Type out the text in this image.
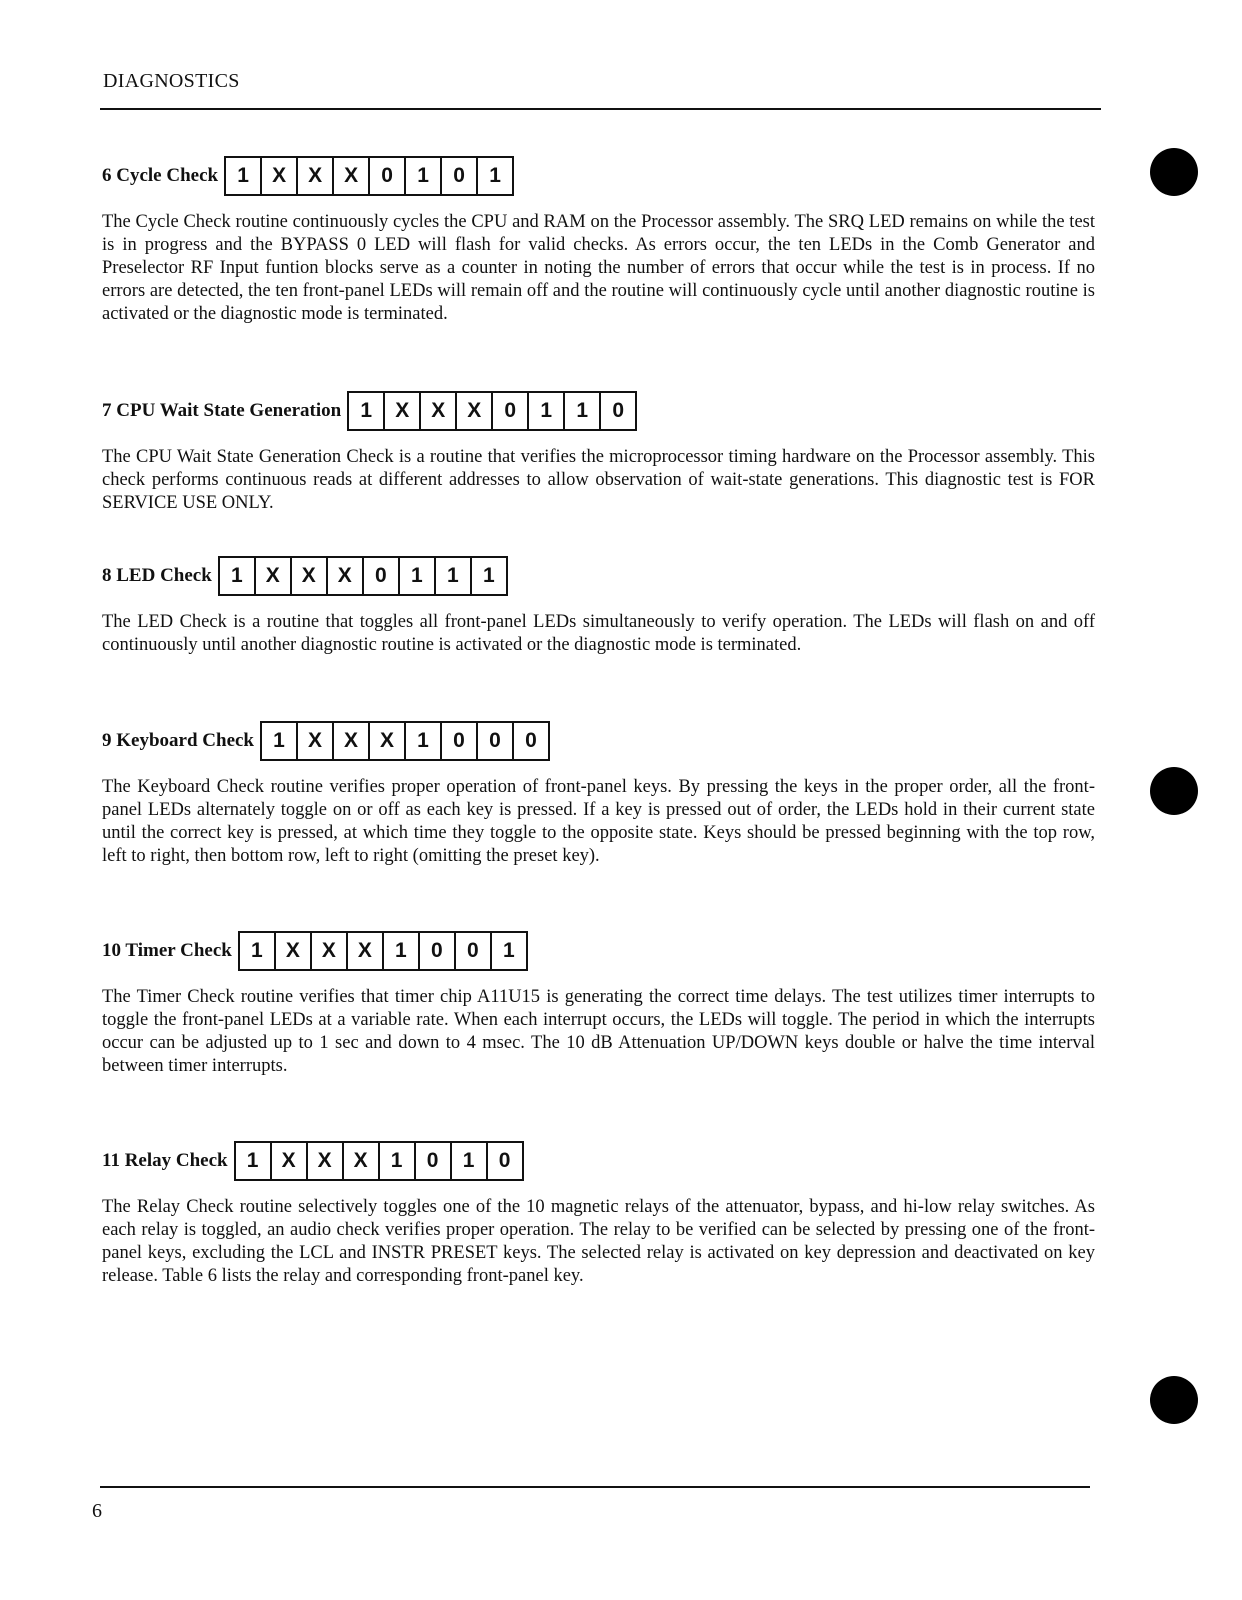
DIAGNOSTICS
6 Cycle Check 1	X	X	X	0	1	0	1

The Cycle Check routine continuously cycles the CPU and RAM on the Processor assembly. The SRQ LED remains on while the test is in progress and the BYPASS 0 LED will flash for valid checks. As errors occur, the ten LEDs in the Comb Generator and Preselector RF Input funtion blocks serve as a counter in noting the number of errors that occur while the test is in process. If no errors are detected, the ten front-panel LEDs will remain off and the routine will continuously cycle until another diagnostic routine is activated or the diagnostic mode is terminated.

7 CPU Wait State Generation 1	X	X	X	0	1	1	0

The CPU Wait State Generation Check is a routine that verifies the microprocessor timing hardware on the Processor assembly. This check performs continuous reads at different addresses to allow observation of wait-state generations. This diagnostic test is FOR SERVICE USE ONLY.

8 LED Check 1	X	X	X	0	1	1	1

The LED Check is a routine that toggles all front-panel LEDs simultaneously to verify operation. The LEDs will flash on and off continuously until another diagnostic routine is activated or the diagnostic mode is terminated.

9 Keyboard Check 1	X	X	X	1	0	0	0

The Keyboard Check routine verifies proper operation of front-panel keys. By pressing the keys in the proper order, all the front-panel LEDs alternately toggle on or off as each key is pressed. If a key is pressed out of order, the LEDs hold in their current state until the correct key is pressed, at which time they toggle to the opposite state. Keys should be pressed beginning with the top row, left to right, then bottom row, left to right (omitting the preset key).

10 Timer Check 1	X	X	X	1	0	0	1

The Timer Check routine verifies that timer chip A11U15 is generating the correct time delays. The test utilizes timer interrupts to toggle the front-panel LEDs at a variable rate. When each interrupt occurs, the LEDs will toggle. The period in which the interrupts occur can be adjusted up to 1 sec and down to 4 msec. The 10 dB Attenuation UP/DOWN keys double or halve the time interval between timer interrupts.

11 Relay Check 1	X	X	X	1	0	1	0

The Relay Check routine selectively toggles one of the 10 magnetic relays of the attenuator, bypass, and hi-low relay switches. As each relay is toggled, an audio check verifies proper operation. The relay to be verified can be selected by pressing one of the front-panel keys, excluding the LCL and INSTR PRESET keys. The selected relay is activated on key depression and deactivated on key release. Table 6 lists the relay and corresponding front-panel key.

6
